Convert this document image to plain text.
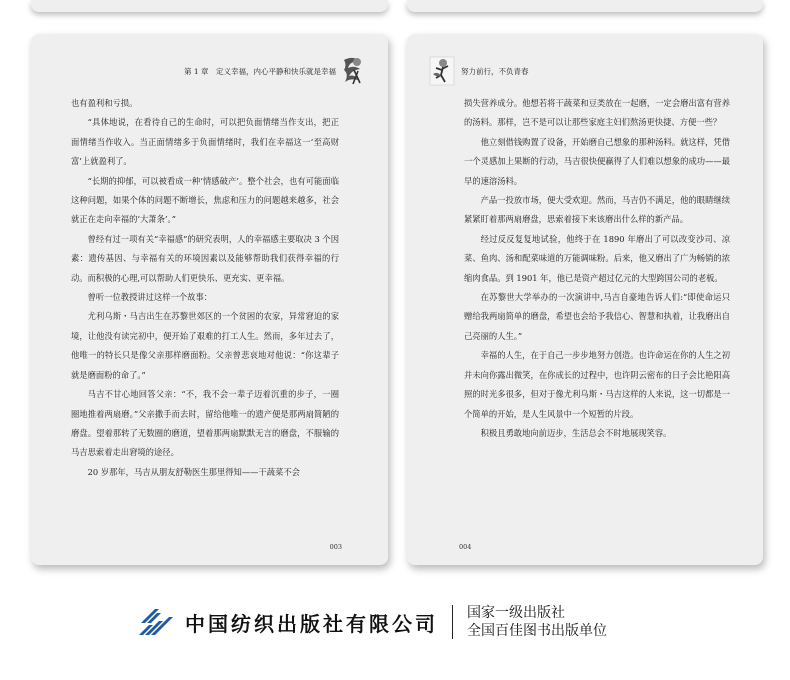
第 1 章　定义幸福，内心平静和快乐就是幸福

也有盈利和亏损。

“具体地说，在看待自己的生命时，可以把负面情绪当作支出，把正面情绪当作收入。当正面情绪多于负面情绪时，我们在幸福这一‘至高财富’上就盈利了。

“长期的抑郁，可以被看成一种‘情感破产’。整个社会，也有可能面临这种问题，如果个体的问题不断增长，焦虑和压力的问题越来越多，社会就正在走向幸福的‘大萧条’。”

曾经有过一项有关“幸福感”的研究表明，人的幸福感主要取决 3 个因素：遗传基因、与幸福有关的环境因素以及能够帮助我们获得幸福的行动。而积极的心理,可以帮助人们更快乐、更充实、更幸福。

曾听一位教授讲过这样一个故事：

尤利乌斯・马吉出生在苏黎世郊区的一个贫困的农家，异常窘迫的家境，让他没有读完初中，便开始了艰难的打工人生。然而，多年过去了，他唯一的特长只是像父亲那样磨面粉。父亲曾悲哀地对他说：“你这辈子就是磨面粉的命了。”

马吉不甘心地回答父亲：“不，我不会一辈子迈着沉重的步子，一圈圈地推着两扇磨。”父亲撒手而去时，留给他唯一的遗产便是那两扇简陋的磨盘。望着那转了无数圈的磨道，望着那两扇默默无言的磨盘，不服输的马吉思索着走出窘境的途径。

20 岁那年，马吉从朋友舒勒医生那里得知——干蔬菜不会

003
努力前行，不负青春

损失营养成分。他想若将干蔬菜和豆类放在一起磨，一定会磨出富有营养的汤料。那样，岂不是可以让那些家庭主妇们熬汤更快捷、方便一些？

他立刻借钱购置了设备，开始磨自己想象的那种汤料。就这样，凭借一个灵感加上果断的行动，马吉很快便赢得了人们难以想象的成功——最早的速溶汤料。

产品一投放市场，便大受欢迎。然而，马吉仍不满足，他的眼睛继续紧紧盯着那两扇磨盘，思索着接下来该磨出什么样的新产品。

经过反反复复地试验，他终于在 1890 年磨出了可以改变沙司、凉菜、鱼肉、汤和配菜味道的万能调味粉。后来，他又磨出了广为畅销的浓缩肉食品。到 1901 年，他已是资产超过亿元的大型跨国公司的老板。

在苏黎世大学举办的一次演讲中,马吉自豪地告诉人们:“即使命运只赠给我两扇简单的磨盘，希望也会给予我信心、智慧和执着，让我磨出自己亮丽的人生。”

幸福的人生，在于自己一步步地努力创造。也许命运在你的人生之初并未向你露出微笑，在你成长的过程中，也许阴云密布的日子会比艳阳高照的时光多很多，但对于像尤利乌斯・马吉这样的人来说，这一切都是一个简单的开始，是人生风景中一个短暂的片段。

积极且勇敢地向前迈步，生活总会不时地展现笑容。

004
中国纺织出版社有限公司 国家一级出版社
全国百佳图书出版单位
